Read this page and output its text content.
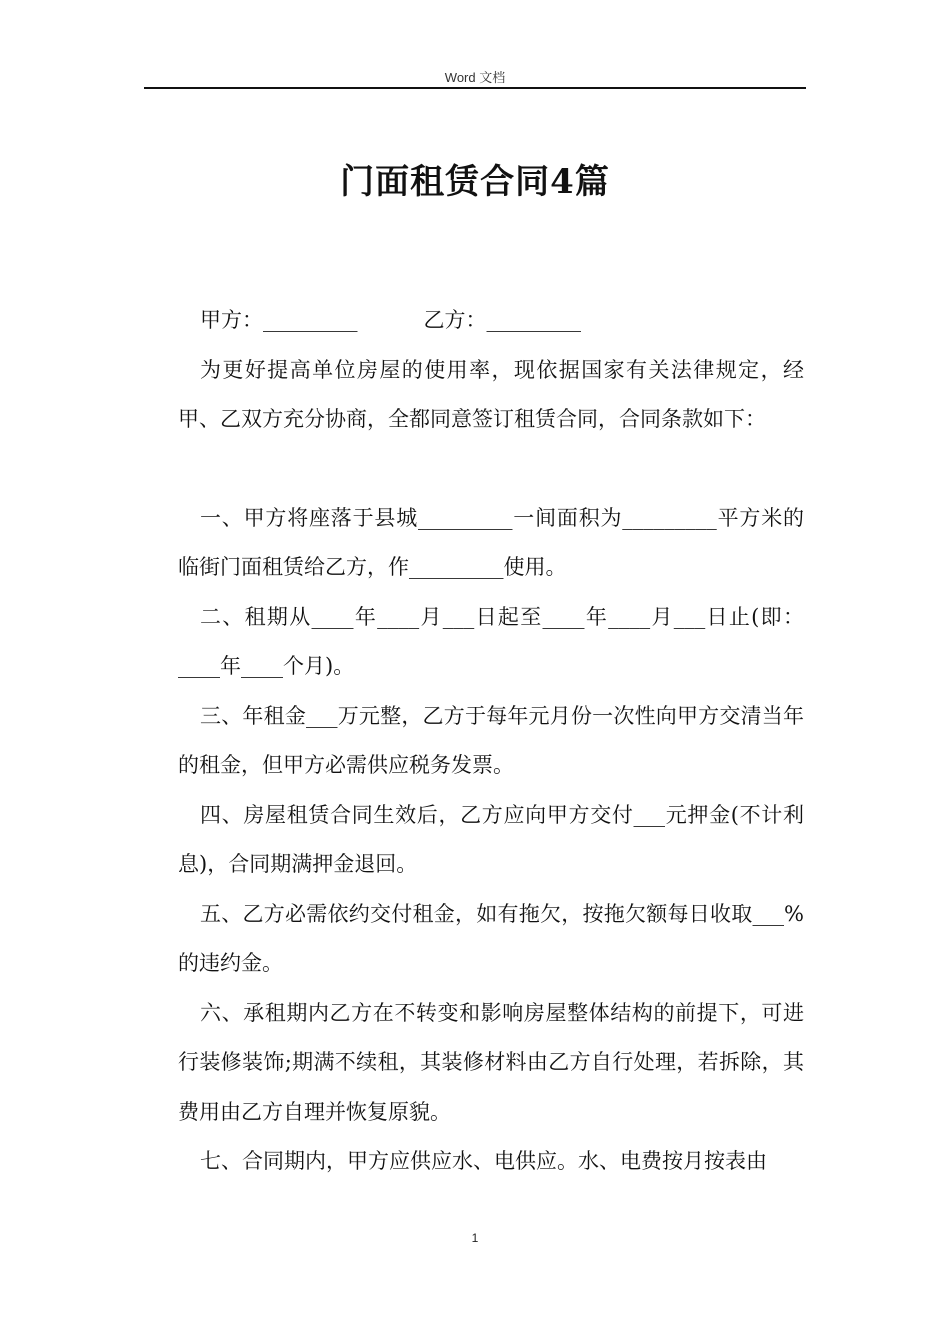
Word 文档
门面租赁合同4篇
甲方：_________	乙方：_________

为更好提高单位房屋的使用率，现依据国家有关法律规定，经甲、乙双方充分协商，全都同意签订租赁合同，合同条款如下：

一、甲方将座落于县城_________一间面积为_________平方米的临街门面租赁给乙方，作_________使用。

二、租期从____年____月___日起至____年____月___日止(即：____年____个月)。

三、年租金___万元整，乙方于每年元月份一次性向甲方交清当年的租金，但甲方必需供应税务发票。

四、房屋租赁合同生效后，乙方应向甲方交付___元押金(不计利息)，合同期满押金退回。

五、乙方必需依约交付租金，如有拖欠，按拖欠额每日收取___%的违约金。

六、承租期内乙方在不转变和影响房屋整体结构的前提下，可进行装修装饰;期满不续租，其装修材料由乙方自行处理，若拆除，其费用由乙方自理并恢复原貌。

七、合同期内，甲方应供应水、电供应。水、电费按月按表由

1
